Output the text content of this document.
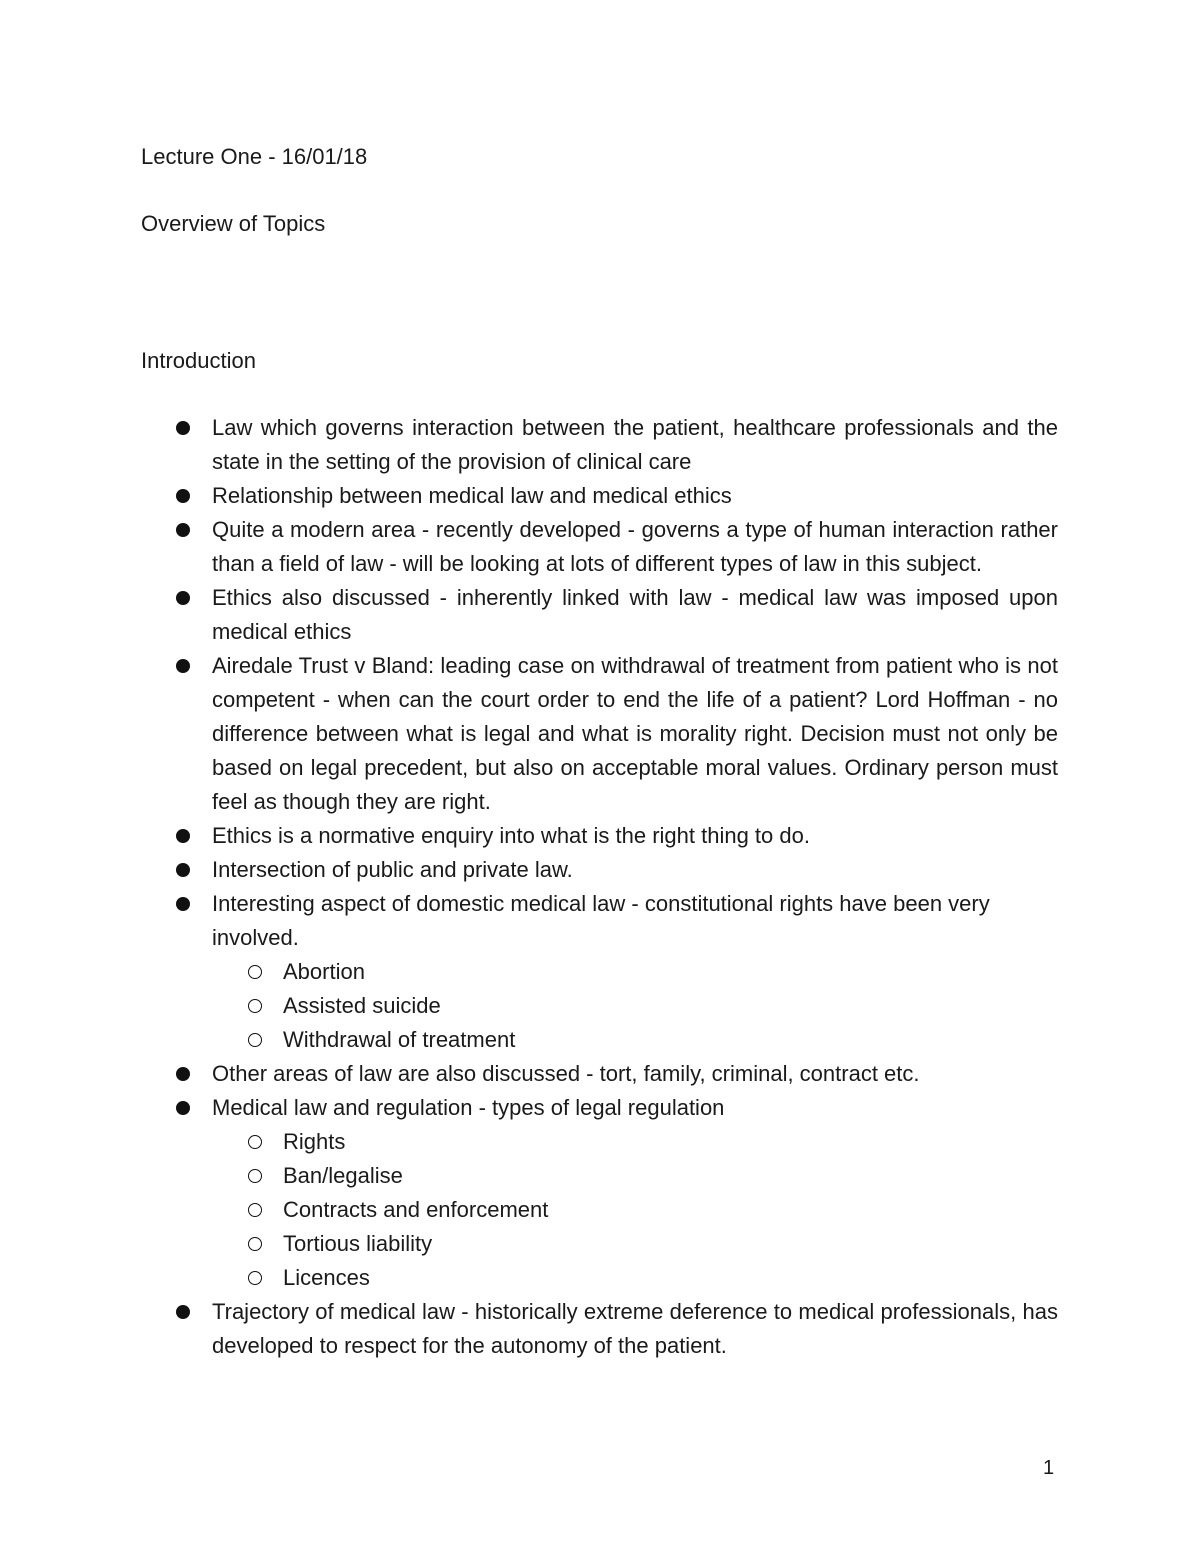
Lecture One - 16/01/18
Overview of Topics
Introduction
Law which governs interaction between the patient, healthcare professionals and the state in the setting of the provision of clinical care
Relationship between medical law and medical ethics
Quite a modern area - recently developed - governs a type of human interaction rather than a field of law - will be looking at lots of different types of law in this subject.
Ethics also discussed - inherently linked with law - medical law was imposed upon medical ethics
Airedale Trust v Bland: leading case on withdrawal of treatment from patient who is not competent - when can the court order to end the life of a patient? Lord Hoffman - no difference between what is legal and what is morality right. Decision must not only be based on legal precedent, but also on acceptable moral values. Ordinary person must feel as though they are right.
Ethics is a normative enquiry into what is the right thing to do.
Intersection of public and private law.
Interesting aspect of domestic medical law - constitutional rights have been very involved.
Abortion
Assisted suicide
Withdrawal of treatment
Other areas of law are also discussed - tort, family, criminal, contract etc.
Medical law and regulation - types of legal regulation
Rights
Ban/legalise
Contracts and enforcement
Tortious liability
Licences
Trajectory of medical law - historically extreme deference to medical professionals, has developed to respect for the autonomy of the patient.
1
